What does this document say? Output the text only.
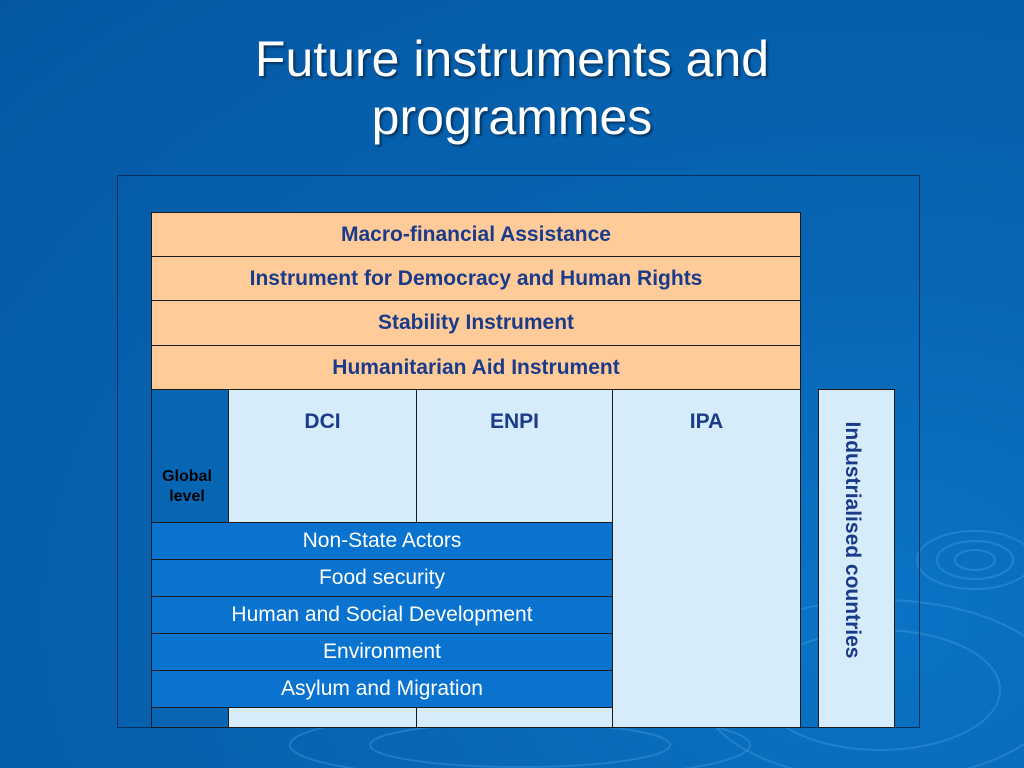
Future instruments and
programmes
Macro-financial Assistance
Instrument for Democracy and Human Rights
Stability Instrument
Humanitarian Aid Instrument
Global
level
DCI	ENPI	IPA
Non-State Actors
Food security
Human and Social Development
Environment
Asylum and Migration
Industrialised countries
